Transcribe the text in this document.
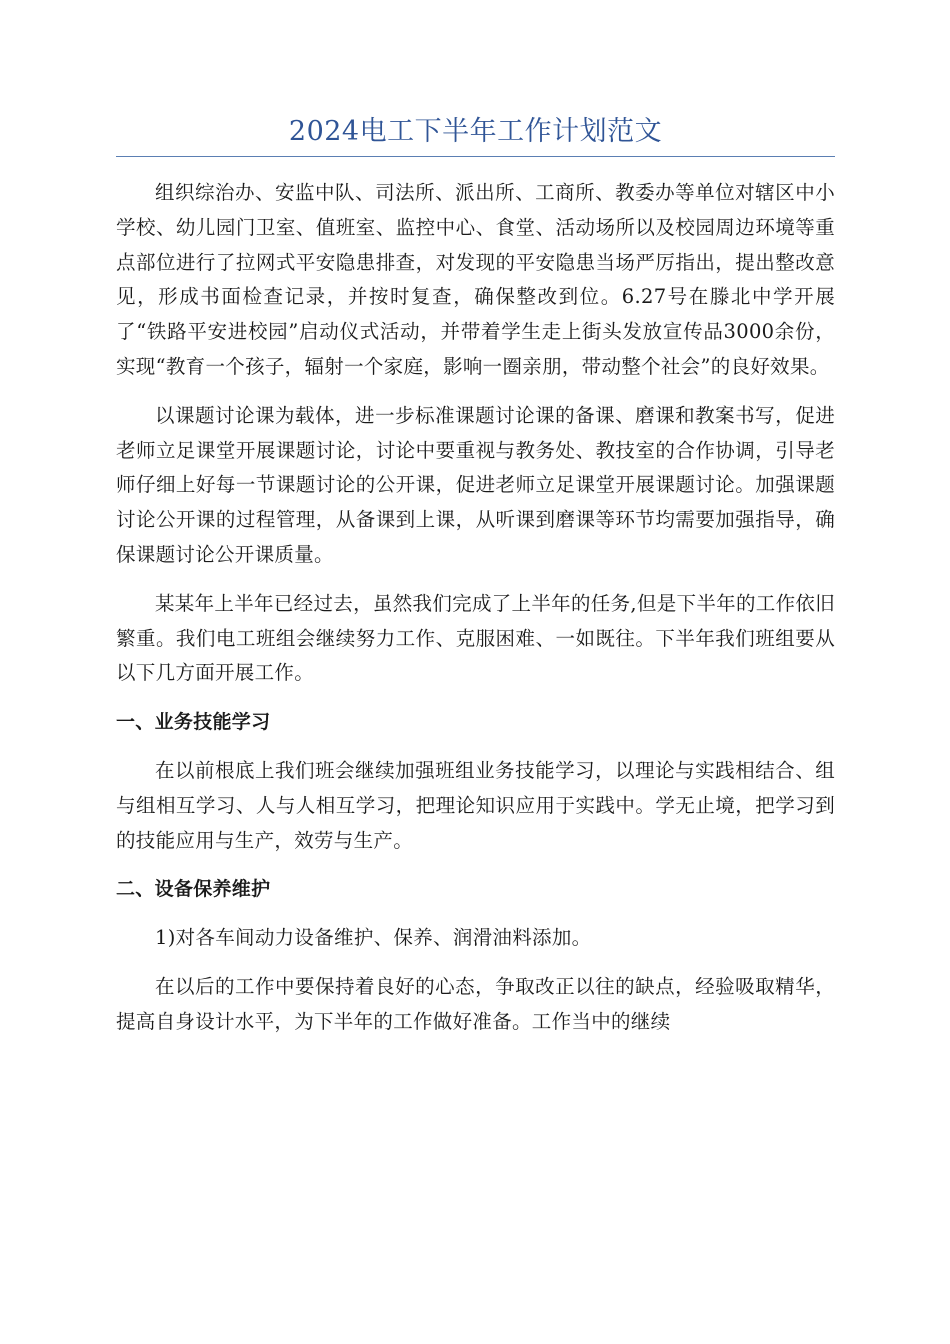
2024电工下半年工作计划范文

组织综治办、安监中队、司法所、派出所、工商所、教委办等单位对辖区中小学校、幼儿园门卫室、值班室、监控中心、食堂、活动场所以及校园周边环境等重点部位进行了拉网式平安隐患排查，对发现的平安隐患当场严厉指出，提出整改意见，形成书面检查记录，并按时复查，确保整改到位。6.27号在滕北中学开展了“铁路平安进校园”启动仪式活动，并带着学生走上街头发放宣传品3000余份，实现“教育一个孩子，辐射一个家庭，影响一圈亲朋，带动整个社会”的良好效果。

以课题讨论课为载体，进一步标准课题讨论课的备课、磨课和教案书写，促进老师立足课堂开展课题讨论，讨论中要重视与教务处、教技室的合作协调，引导老师仔细上好每一节课题讨论的公开课，促进老师立足课堂开展课题讨论。加强课题讨论公开课的过程管理，从备课到上课，从听课到磨课等环节均需要加强指导，确保课题讨论公开课质量。

某某年上半年已经过去，虽然我们完成了上半年的任务,但是下半年的工作依旧繁重。我们电工班组会继续努力工作、克服困难、一如既往。下半年我们班组要从以下几方面开展工作。

一、业务技能学习

在以前根底上我们班会继续加强班组业务技能学习，以理论与实践相结合、组与组相互学习、人与人相互学习，把理论知识应用于实践中。学无止境，把学习到的技能应用与生产，效劳与生产。

二、设备保养维护

1)对各车间动力设备维护、保养、润滑油料添加。

在以后的工作中要保持着良好的心态，争取改正以往的缺点，经验吸取精华，提高自身设计水平，为下半年的工作做好准备。工作当中的继续
